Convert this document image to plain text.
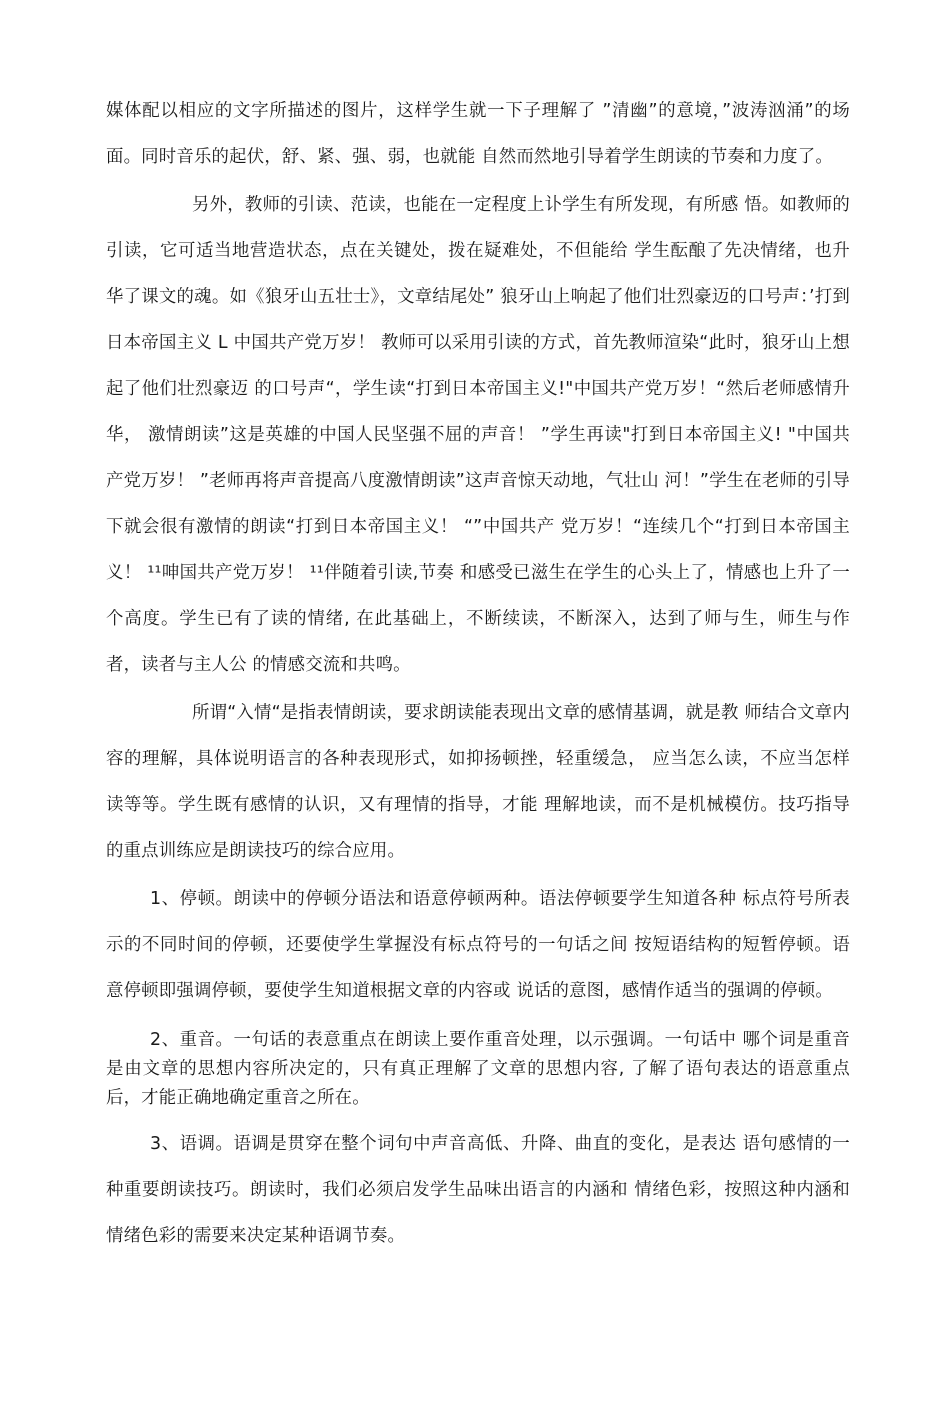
媒体配以相应的文字所描述的图片，这样学生就一下子理解了 ”清幽”的意境，”波涛汹涌”的场面。同时音乐的起伏，舒、紧、强、弱，也就能 自然而然地引导着学生朗读的节奏和力度了。

另外，教师的引读、范读，也能在一定程度上讣学生有所发现，有所感 悟。如教师的引读，它可适当地营造状态，点在关键处，拨在疑难处，不但能给 学生酝酿了先决情绪，也升华了课文的魂。如《狼牙山五壮士》，文章结尾处” 狼牙山上响起了他们壮烈豪迈的口号声：’打到日本帝国主义 L 中国共产党万岁！ 教师可以采用引读的方式，首先教师渲染“此时，狼牙山上想起了他们壮烈豪迈 的口号声“，学生读“打到日本帝国主义!"中国共产党万岁！“然后老师感情升华， 激情朗读”这是英雄的中国人民坚强不屈的声音！ ”学生再读"打到日本帝国主义! "中国共产党万岁！ ”老师再将声音提高八度激情朗读”这声音惊天动地，气壮山 河！”学生在老师的引导下就会很有激情的朗读“打到日本帝国主义！ “”中国共产 党万岁！“连续几个“打到日本帝国主义！ ¹¹呻国共产党万岁！ ¹¹伴随着引读,节奏 和感受已滋生在学生的心头上了，情感也上升了一个高度。学生已有了读的情绪, 在此基础上，不断续读，不断深入，达到了师与生，师生与作者，读者与主人公 的情感交流和共鸣。

所谓“入情“是指表情朗读，要求朗读能表现出文章的感情基调，就是教 师结合文章内容的理解，具体说明语言的各种表现形式，如抑扬顿挫，轻重缓急， 应当怎么读，不应当怎样读等等。学生既有感情的认识，又有理情的指导，才能 理解地读，而不是机械模仿。技巧指导的重点训练应是朗读技巧的综合应用。

1、停顿。朗读中的停顿分语法和语意停顿两种。语法停顿要学生知道各种 标点符号所表示的不同时间的停顿，还要使学生掌握没有标点符号的一句话之间 按短语结构的短暂停顿。语意停顿即强调停顿，要使学生知道根据文章的内容或 说话的意图，感情作适当的强调的停顿。

2、重音。一句话的表意重点在朗读上要作重音处理，以示强调。一句话中 哪个词是重音是由文章的思想内容所决定的，只有真正理解了文章的思想内容, 了解了语句表达的语意重点后，才能正确地确定重音之所在。

3、语调。语调是贯穿在整个词句中声音高低、升降、曲直的变化，是表达 语句感情的一种重要朗读技巧。朗读时，我们必须启发学生品味出语言的内涵和 情绪色彩，按照这种内涵和情绪色彩的需要来决定某种语调节奏。
